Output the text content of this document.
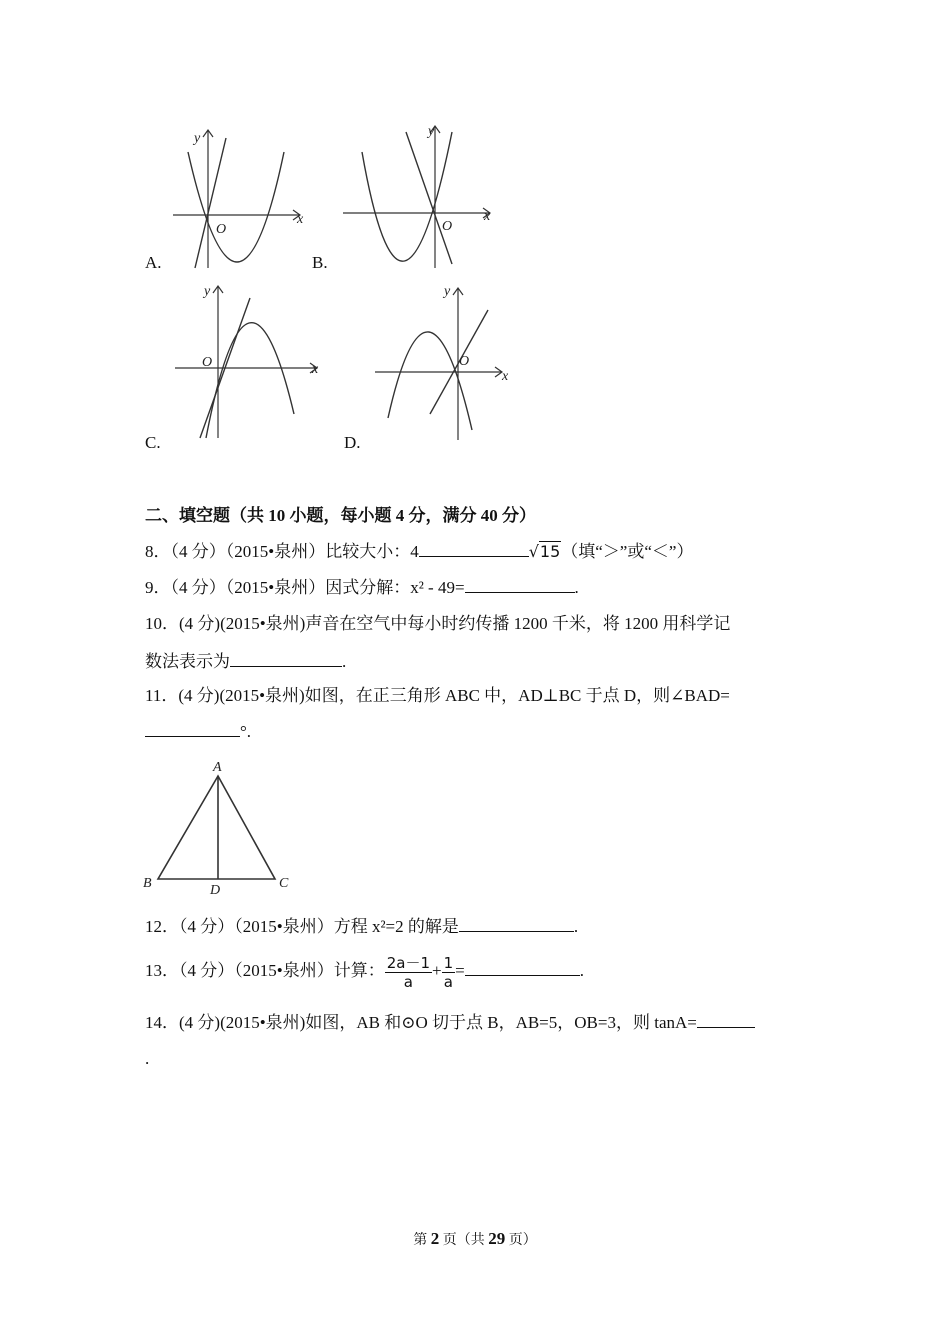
y
x
O
A.
y
x
O
B.
y
x
O
C.
y
x
O
D.
二、填空题（共 10 小题，每小题 4 分，满分 40 分）
8．（4 分）（2015•泉州）比较大小：4	√15（填“＞”或“＜”）
9．（4 分）（2015•泉州）因式分解：x² - 49=	.
10．(4 分)(2015•泉州)声音在空气中每小时约传播 1200 千米，将 1200 用科学记
数法表示为	.
11．(4 分)(2015•泉州)如图，在正三角形 ABC 中，AD⊥BC 于点 D，则∠BAD=
°.
A
B	C
D
12．（4 分）（2015•泉州）方程 x²=2 的解是	.
13．（4 分）（2015•泉州）计算： $\frac{2a-1}{a} + \frac{1}{a}$ =	.
14．(4 分)(2015•泉州)如图，AB 和⊙O 切于点 B，AB=5，OB=3，则 tanA=
.
第 2 页（共 29 页）
